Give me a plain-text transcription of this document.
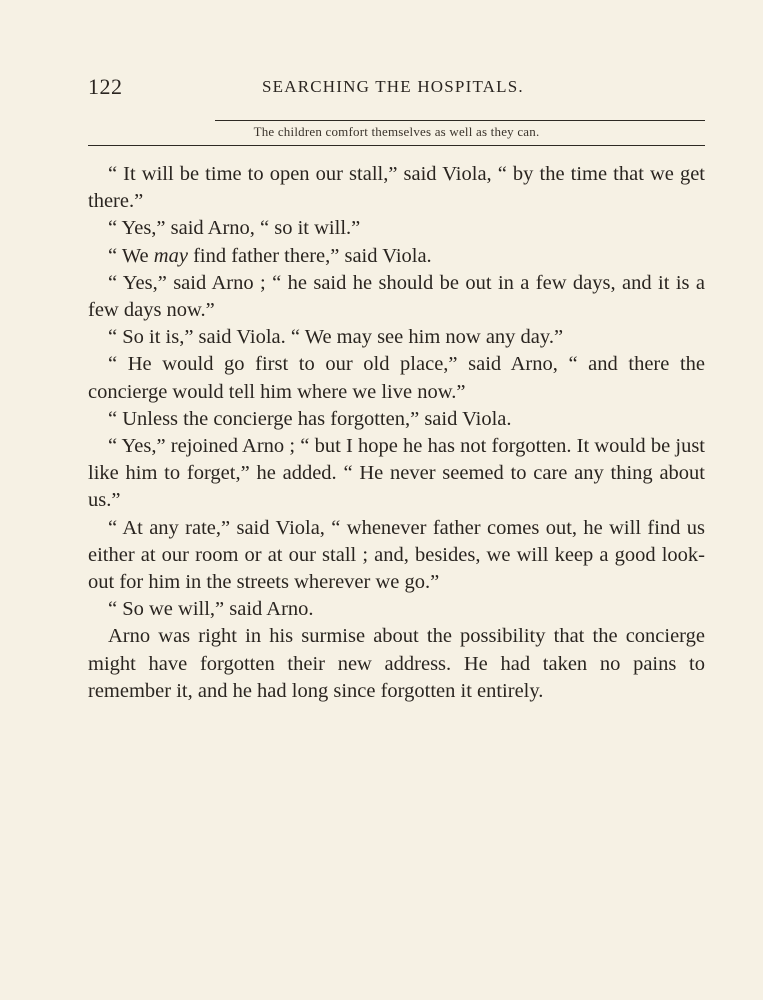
122	SEARCHING THE HOSPITALS.
The children comfort themselves as well as they can.

“ It will be time to open our stall,” said Viola, “ by the time that we get there.”

“ Yes,” said Arno, “ so it will.”

“ We may find father there,” said Viola.

“ Yes,” said Arno ; “ he said he should be out in a few days, and it is a few days now.”

“ So it is,” said Viola. “ We may see him now any day.”

“ He would go first to our old place,” said Arno, “ and there the concierge would tell him where we live now.”

“ Unless the concierge has forgotten,” said Viola.

“ Yes,” rejoined Arno ; “ but I hope he has not forgotten. It would be just like him to forget,” he added. “ He never seemed to care any thing about us.”

“ At any rate,” said Viola, “ whenever father comes out, he will find us either at our room or at our stall ; and, besides, we will keep a good look-out for him in the streets wherever we go.”

“ So we will,” said Arno.

Arno was right in his surmise about the possibility that the concierge might have forgotten their new address. He had taken no pains to remember it, and he had long since forgotten it entirely.
